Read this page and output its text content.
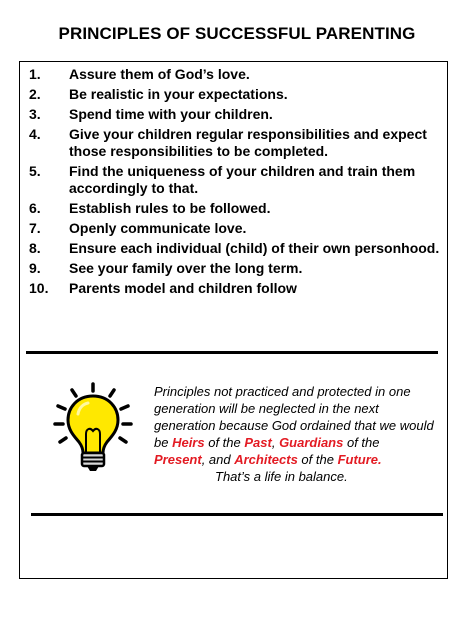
PRINCIPLES OF SUCCESSFUL PARENTING
1.	Assure them of God’s love.
2.	Be realistic in your expectations.
3.	Spend time with your children.
4.	Give your children regular responsibilities and expect those responsibilities to be completed.
5.	Find the uniqueness of your children and train them accordingly to that.
6.	Establish rules to be followed.
7.	Openly communicate love.
8.	Ensure each individual (child) of their own personhood.
9.	See your family over the long term.
10.	Parents model and children follow
Principles not practiced and protected in one generation will be neglected in the next generation because God ordained that we would be Heirs of the Past, Guardians of the Present, and Architects of the Future.
That’s a life in balance.
